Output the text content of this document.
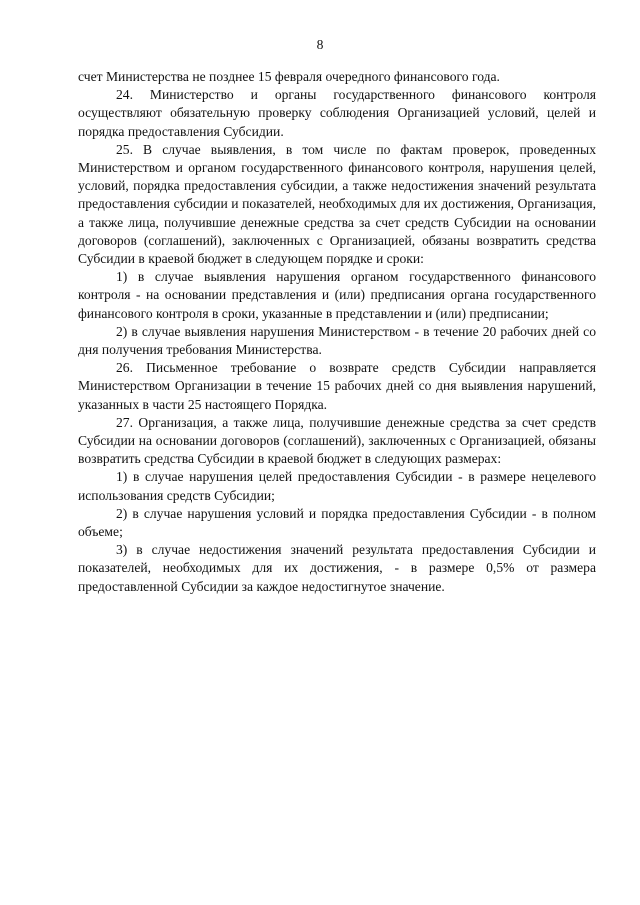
8

счет Министерства не позднее 15 февраля очередного финансового года.

24. Министерство и органы государственного финансового контроля осуществляют обязательную проверку соблюдения Организацией условий, целей и порядка предоставления Субсидии.

25. В случае выявления, в том числе по фактам проверок, проведенных Министерством и органом государственного финансового контроля, нарушения целей, условий, порядка предоставления субсидии, а также недостижения значений результата предоставления субсидии и показателей, необходимых для их достижения, Организация, а также лица, получившие денежные средства за счет средств Субсидии на основании договоров (соглашений), заключенных с Организацией, обязаны возвратить средства Субсидии в краевой бюджет в следующем порядке и сроки:

1) в случае выявления нарушения органом государственного финансового контроля - на основании представления и (или) предписания органа государственного финансового контроля в сроки, указанные в представлении и (или) предписании;

2) в случае выявления нарушения Министерством - в течение 20 рабочих дней со дня получения требования Министерства.

26. Письменное требование о возврате средств Субсидии направляется Министерством Организации в течение 15 рабочих дней со дня выявления нарушений, указанных в части 25 настоящего Порядка.

27. Организация, а также лица, получившие денежные средства за счет средств Субсидии на основании договоров (соглашений), заключенных с Организацией, обязаны возвратить средства Субсидии в краевой бюджет в следующих размерах:

1) в случае нарушения целей предоставления Субсидии - в размере нецелевого использования средств Субсидии;

2) в случае нарушения условий и порядка предоставления Субсидии - в полном объеме;

3) в случае недостижения значений результата предоставления Субсидии и показателей, необходимых для их достижения, - в размере 0,5% от размера предоставленной Субсидии за каждое недостигнутое значение.
